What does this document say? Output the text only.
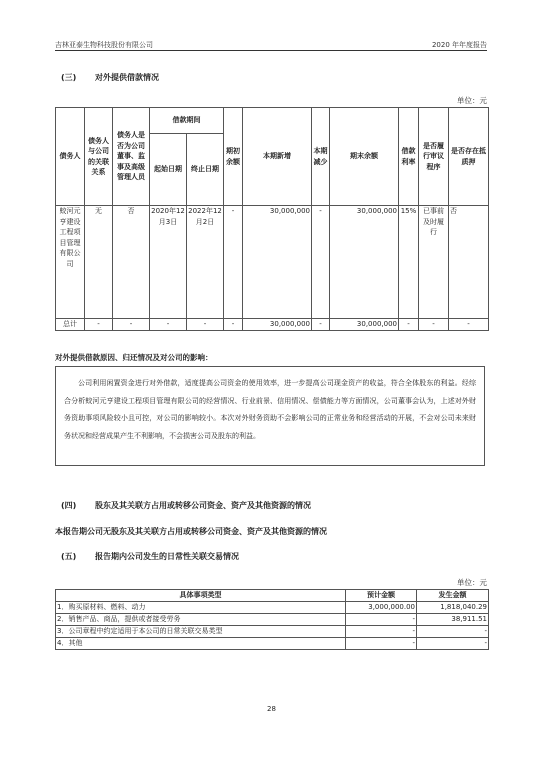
吉林亚泰生物科技股份有限公司	2020 年年度报告
(三) 对外提供借款情况
单位：元
债务人	债务人与公司的关联关系	债务人是否为公司董事、监事及高级管理人员	借款期间		期初余额	本期新增	本期减少	期末余额	借款利率	是否履行审议程序	是否存在抵质押
			起始日期	终止日期							
蛟河元亨建设工程项目管理有限公司	无	否	2020年12月3日	2022年12月2日	-	30,000,000	-	30,000,000	15%	已事前及时履行	否
总计	-	-	-	-	-	30,000,000	-	30,000,000	-	-	-
对外提供借款原因、归还情况及对公司的影响：
公司利用闲置资金进行对外借款，适度提高公司资金的使用效率，进一步提高公司现金资产的收益，符合全体股东的利益。经综合分析蛟河元亨建设工程项目管理有限公司的经营情况、行业前景、信用情况、偿债能力等方面情况，公司董事会认为，上述对外财务资助事项风险较小且可控，对公司的影响较小。本次对外财务资助不会影响公司的正常业务和经营活动的开展，不会对公司未来财务状况和经营成果产生不利影响，不会损害公司及股东的利益。
(四) 股东及其关联方占用或转移公司资金、资产及其他资源的情况
本报告期公司无股东及其关联方占用或转移公司资金、资产及其他资源的情况
(五) 报告期内公司发生的日常性关联交易情况
单位：元
具体事项类型	预计金额	发生金额
1．购买原材料、燃料、动力	3,000,000.00	1,818,040.29
2．销售产品、商品，提供或者接受劳务	-	38,911.51
3．公司章程中约定适用于本公司的日常关联交易类型	-	-
4．其他	-	-
28
